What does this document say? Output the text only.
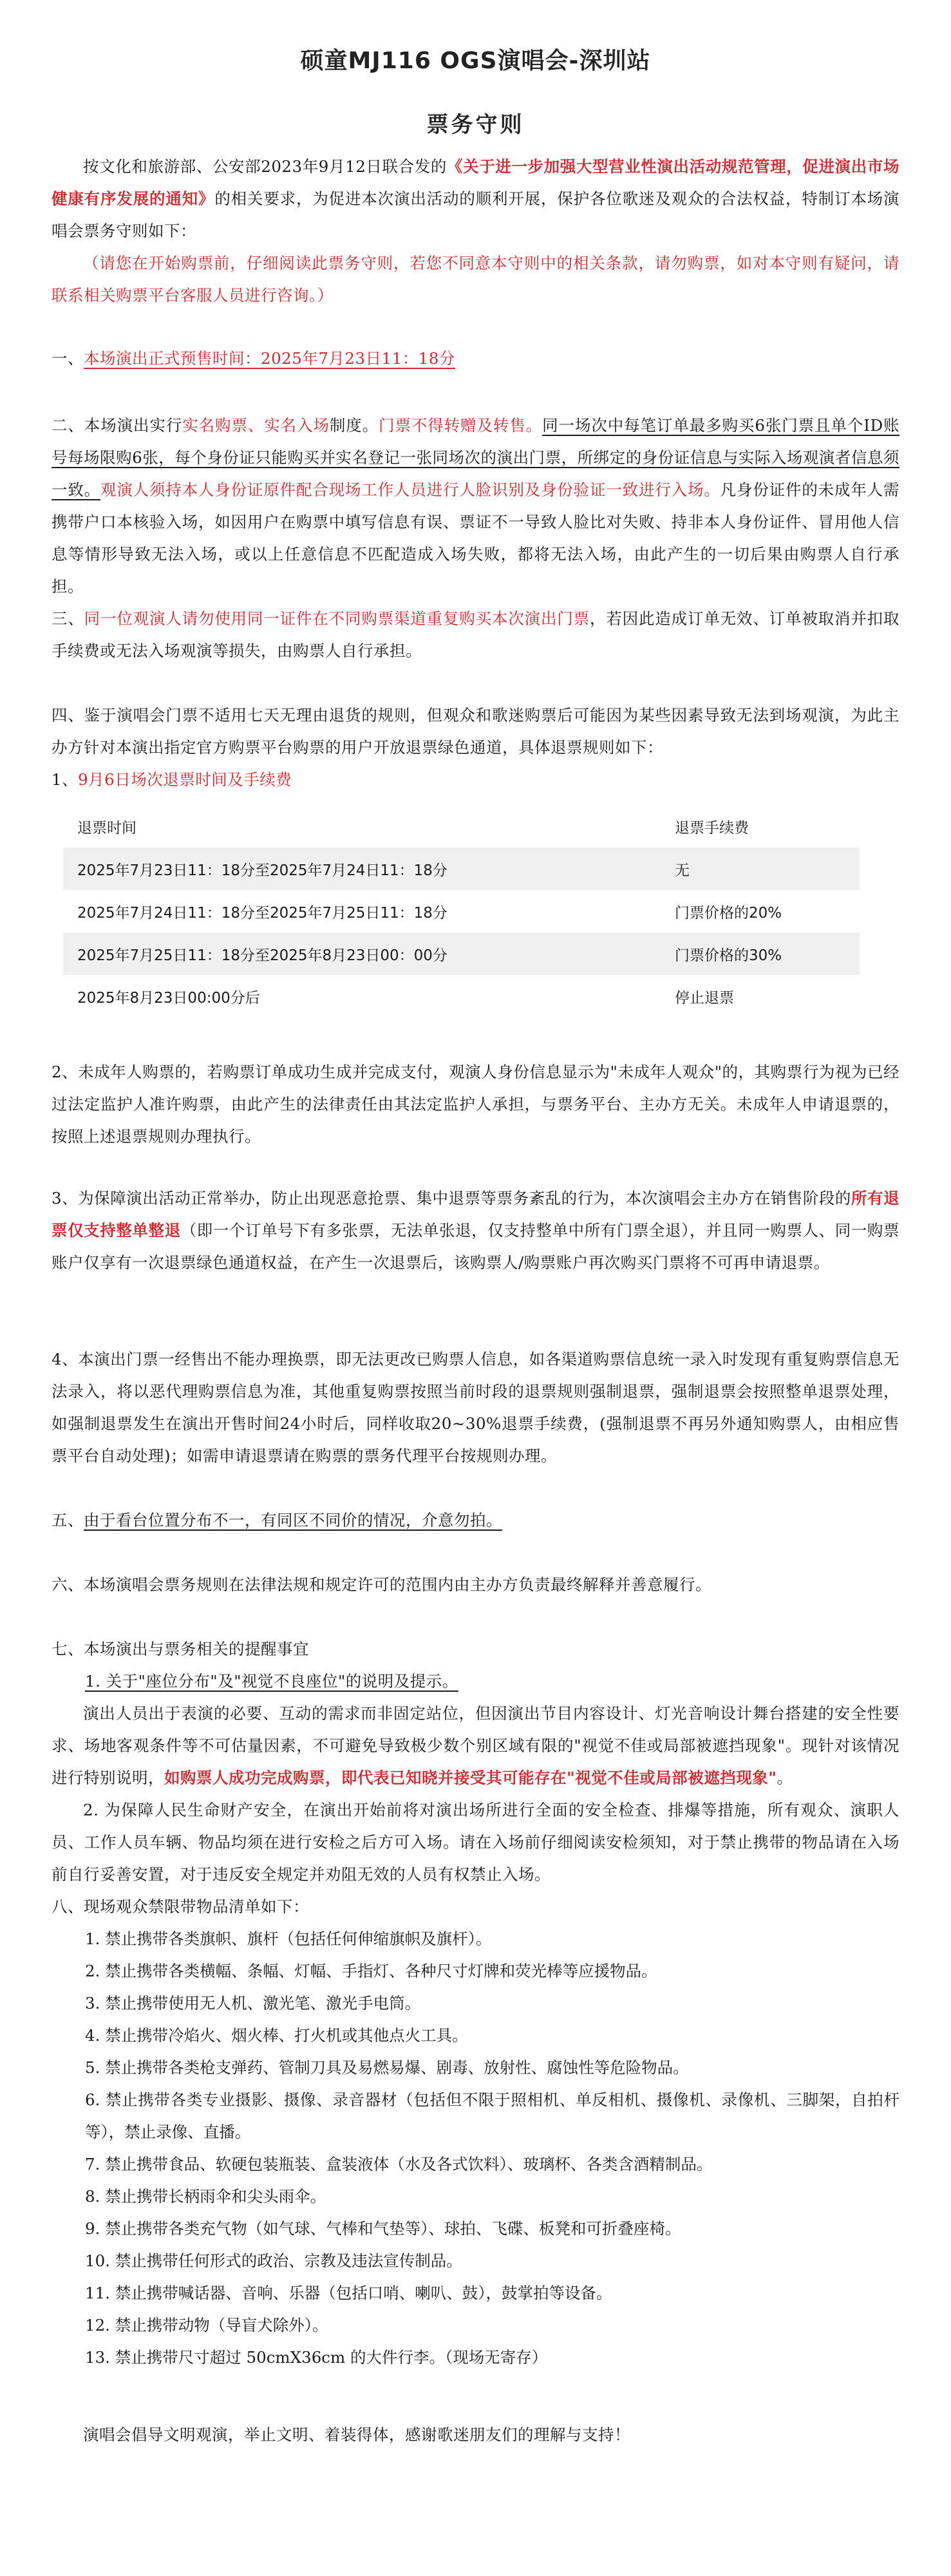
硕童MJ116 OGS演唱会-深圳站
票务守则
按文化和旅游部、公安部2023年9月12日联合发的《关于进一步加强大型营业性演出活动规范管理，促进演出市场健康有序发展的通知》的相关要求，为促进本次演出活动的顺利开展，保护各位歌迷及观众的合法权益，特制订本场演唱会票务守则如下：
（请您在开始购票前，仔细阅读此票务守则，若您不同意本守则中的相关条款，请勿购票，如对本守则有疑问，请联系相关购票平台客服人员进行咨询。）
一、本场演出正式预售时间：2025年7月23日11：18分
二、本场演出实行实名购票、实名入场制度。门票不得转赠及转售。同一场次中每笔订单最多购买6张门票且单个ID账号每场限购6张，每个身份证只能购买并实名登记一张同场次的演出门票，所绑定的身份证信息与实际入场观演者信息须一致。观演人须持本人身份证原件配合现场工作人员进行人脸识别及身份验证一致进行入场。凡身份证件的未成年人需携带户口本核验入场，如因用户在购票中填写信息有误、票证不一导致人脸比对失败、持非本人身份证件、冒用他人信息等情形导致无法入场，或以上任意信息不匹配造成入场失败，都将无法入场，由此产生的一切后果由购票人自行承担。
三、同一位观演人请勿使用同一证件在不同购票渠道重复购买本次演出门票，若因此造成订单无效、订单被取消并扣取手续费或无法入场观演等损失，由购票人自行承担。
四、鉴于演唱会门票不适用七天无理由退货的规则，但观众和歌迷购票后可能因为某些因素导致无法到场观演，为此主办方针对本演出指定官方购票平台购票的用户开放退票绿色通道，具体退票规则如下：
1、9月6日场次退票时间及手续费
退票时间	退票手续费
2025年7月23日11：18分至2025年7月24日11：18分	无
2025年7月24日11：18分至2025年7月25日11：18分	门票价格的20%
2025年7月25日11：18分至2025年8月23日00：00分	门票价格的30%
2025年8月23日00:00分后	停止退票
2、未成年人购票的，若购票订单成功生成并完成支付，观演人身份信息显示为"未成年人观众"的，其购票行为视为已经过法定监护人准许购票，由此产生的法律责任由其法定监护人承担，与票务平台、主办方无关。未成年人申请退票的，按照上述退票规则办理执行。
3、为保障演出活动正常举办，防止出现恶意抢票、集中退票等票务紊乱的行为，本次演唱会主办方在销售阶段的所有退票仅支持整单整退（即一个订单号下有多张票，无法单张退，仅支持整单中所有门票全退），并且同一购票人、同一购票账户仅享有一次退票绿色通道权益，在产生一次退票后，该购票人/购票账户再次购买门票将不可再申请退票。
4、本演出门票一经售出不能办理换票，即无法更改已购票人信息，如各渠道购票信息统一录入时发现有重复购票信息无法录入，将以恶代理购票信息为准，其他重复购票按照当前时段的退票规则强制退票，强制退票会按照整单退票处理，如强制退票发生在演出开售时间24小时后，同样收取20~30%退票手续费，(强制退票不再另外通知购票人，由相应售票平台自动处理)；如需申请退票请在购票的票务代理平台按规则办理。
五、由于看台位置分布不一，有同区不同价的情况，介意勿拍。
六、本场演唱会票务规则在法律法规和规定许可的范围内由主办方负责最终解释并善意履行。
七、本场演出与票务相关的提醒事宜
1. 关于"座位分布"及"视觉不良座位"的说明及提示。
演出人员出于表演的必要、互动的需求而非固定站位，但因演出节目内容设计、灯光音响设计舞台搭建的安全性要求、场地客观条件等不可估量因素，不可避免导致极少数个别区域有限的"视觉不佳或局部被遮挡现象"。现针对该情况进行特别说明，如购票人成功完成购票，即代表已知晓并接受其可能存在"视觉不佳或局部被遮挡现象"。
2. 为保障人民生命财产安全，在演出开始前将对演出场所进行全面的安全检查、排爆等措施，所有观众、演职人员、工作人员车辆、物品均须在进行安检之后方可入场。请在入场前仔细阅读安检须知，对于禁止携带的物品请在入场前自行妥善安置，对于违反安全规定并劝阻无效的人员有权禁止入场。
八、现场观众禁限带物品清单如下：
1. 禁止携带各类旗帜、旗杆（包括任何伸缩旗帜及旗杆）。
2. 禁止携带各类横幅、条幅、灯幅、手指灯、各种尺寸灯牌和荧光棒等应援物品。
3. 禁止携带使用无人机、激光笔、激光手电筒。
4. 禁止携带冷焰火、烟火棒、打火机或其他点火工具。
5. 禁止携带各类枪支弹药、管制刀具及易燃易爆、剧毒、放射性、腐蚀性等危险物品。
6. 禁止携带各类专业摄影、摄像、录音器材（包括但不限于照相机、单反相机、摄像机、录像机、三脚架，自拍杆等），禁止录像、直播。
7. 禁止携带食品、软硬包装瓶装、盒装液体（水及各式饮料）、玻璃杯、各类含酒精制品。
8. 禁止携带长柄雨伞和尖头雨伞。
9. 禁止携带各类充气物（如气球、气棒和气垫等）、球拍、飞碟、板凳和可折叠座椅。
10. 禁止携带任何形式的政治、宗教及违法宣传制品。
11. 禁止携带喊话器、音响、乐器（包括口哨、喇叭、鼓），鼓掌拍等设备。
12. 禁止携带动物（导盲犬除外）。
13. 禁止携带尺寸超过 50cmX36cm 的大件行李。（现场无寄存）
演唱会倡导文明观演，举止文明、着装得体，感谢歌迷朋友们的理解与支持！
